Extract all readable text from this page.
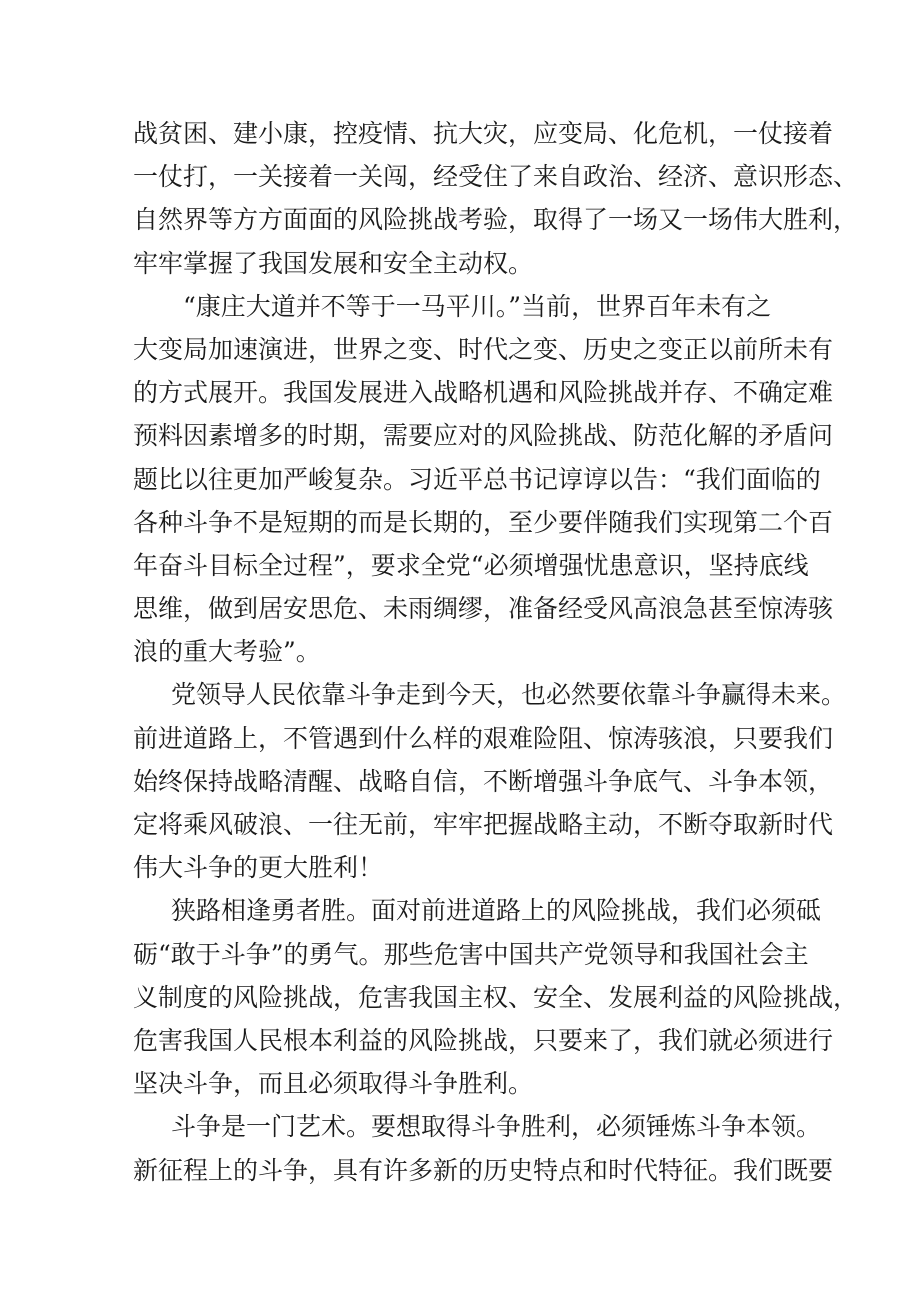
战贫困、建小康，控疫情、抗大灾，应变局、化危机，一仗接着
一仗打，一关接着一关闯，经受住了来自政治、经济、意识形态、
自然界等方方面面的风险挑战考验，取得了一场又一场伟大胜利，
牢牢掌握了我国发展和安全主动权。

“康庄大道并不等于一马平川。”当前，世界百年未有之
大变局加速演进，世界之变、时代之变、历史之变正以前所未有
的方式展开。我国发展进入战略机遇和风险挑战并存、不确定难
预料因素增多的时期，需要应对的风险挑战、防范化解的矛盾问
题比以往更加严峻复杂。习近平总书记谆谆以告：“我们面临的
各种斗争不是短期的而是长期的，至少要伴随我们实现第二个百
年奋斗目标全过程”，要求全党“必须增强忧患意识，坚持底线
思维，做到居安思危、未雨绸缪，准备经受风高浪急甚至惊涛骇
浪的重大考验”。

党领导人民依靠斗争走到今天，也必然要依靠斗争赢得未来。
前进道路上，不管遇到什么样的艰难险阻、惊涛骇浪，只要我们
始终保持战略清醒、战略自信，不断增强斗争底气、斗争本领，
定将乘风破浪、一往无前，牢牢把握战略主动，不断夺取新时代
伟大斗争的更大胜利！

狭路相逢勇者胜。面对前进道路上的风险挑战，我们必须砥
砺“敢于斗争”的勇气。那些危害中国共产党领导和我国社会主
义制度的风险挑战，危害我国主权、安全、发展利益的风险挑战，
危害我国人民根本利益的风险挑战，只要来了，我们就必须进行
坚决斗争，而且必须取得斗争胜利。

斗争是一门艺术。要想取得斗争胜利，必须锤炼斗争本领。
新征程上的斗争，具有许多新的历史特点和时代特征。我们既要
